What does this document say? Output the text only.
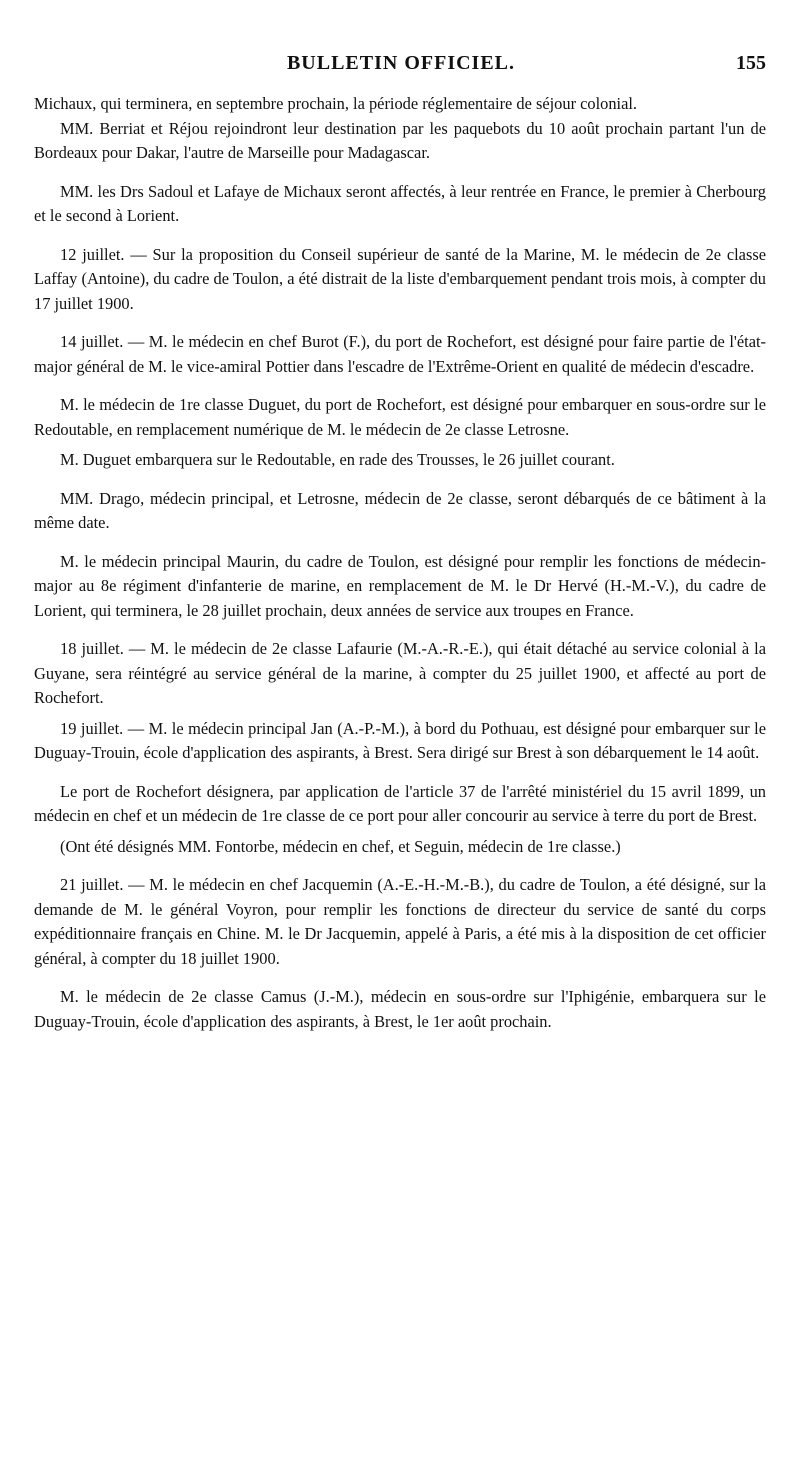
BULLETIN OFFICIEL.	155

Michaux, qui terminera, en septembre prochain, la période réglementaire de séjour colonial.

MM. Berriat et Réjou rejoindront leur destination par les paquebots du 10 août prochain partant l'un de Bordeaux pour Dakar, l'autre de Marseille pour Madagascar.

MM. les Drs Sadoul et Lafaye de Michaux seront affectés, à leur rentrée en France, le premier à Cherbourg et le second à Lorient.

12 juillet. — Sur la proposition du Conseil supérieur de santé de la Marine, M. le médecin de 2e classe Laffay (Antoine), du cadre de Toulon, a été distrait de la liste d'embarquement pendant trois mois, à compter du 17 juillet 1900.

14 juillet. — M. le médecin en chef Burot (F.), du port de Rochefort, est désigné pour faire partie de l'état-major général de M. le vice-amiral Pottier dans l'escadre de l'Extrême-Orient en qualité de médecin d'escadre.

M. le médecin de 1re classe Duguet, du port de Rochefort, est désigné pour embarquer en sous-ordre sur le Redoutable, en remplacement numérique de M. le médecin de 2e classe Letrosne.

M. Duguet embarquera sur le Redoutable, en rade des Trousses, le 26 juillet courant.

MM. Drago, médecin principal, et Letrosne, médecin de 2e classe, seront débarqués de ce bâtiment à la même date.

M. le médecin principal Maurin, du cadre de Toulon, est désigné pour remplir les fonctions de médecin-major au 8e régiment d'infanterie de marine, en remplacement de M. le Dr Hervé (H.-M.-V.), du cadre de Lorient, qui terminera, le 28 juillet prochain, deux années de service aux troupes en France.

18 juillet. — M. le médecin de 2e classe Lafaurie (M.-A.-R.-E.), qui était détaché au service colonial à la Guyane, sera réintégré au service général de la marine, à compter du 25 juillet 1900, et affecté au port de Rochefort.

19 juillet. — M. le médecin principal Jan (A.-P.-M.), à bord du Pothuau, est désigné pour embarquer sur le Duguay-Trouin, école d'application des aspirants, à Brest. Sera dirigé sur Brest à son débarquement le 14 août.

Le port de Rochefort désignera, par application de l'article 37 de l'arrêté ministériel du 15 avril 1899, un médecin en chef et un médecin de 1re classe de ce port pour aller concourir au service à terre du port de Brest.

(Ont été désignés MM. Fontorbe, médecin en chef, et Seguin, médecin de 1re classe.)

21 juillet. — M. le médecin en chef Jacquemin (A.-E.-H.-M.-B.), du cadre de Toulon, a été désigné, sur la demande de M. le général Voyron, pour remplir les fonctions de directeur du service de santé du corps expéditionnaire français en Chine. M. le Dr Jacquemin, appelé à Paris, a été mis à la disposition de cet officier général, à compter du 18 juillet 1900.

M. le médecin de 2e classe Camus (J.-M.), médecin en sous-ordre sur l'Iphigénie, embarquera sur le Duguay-Trouin, école d'application des aspirants, à Brest, le 1er août prochain.
